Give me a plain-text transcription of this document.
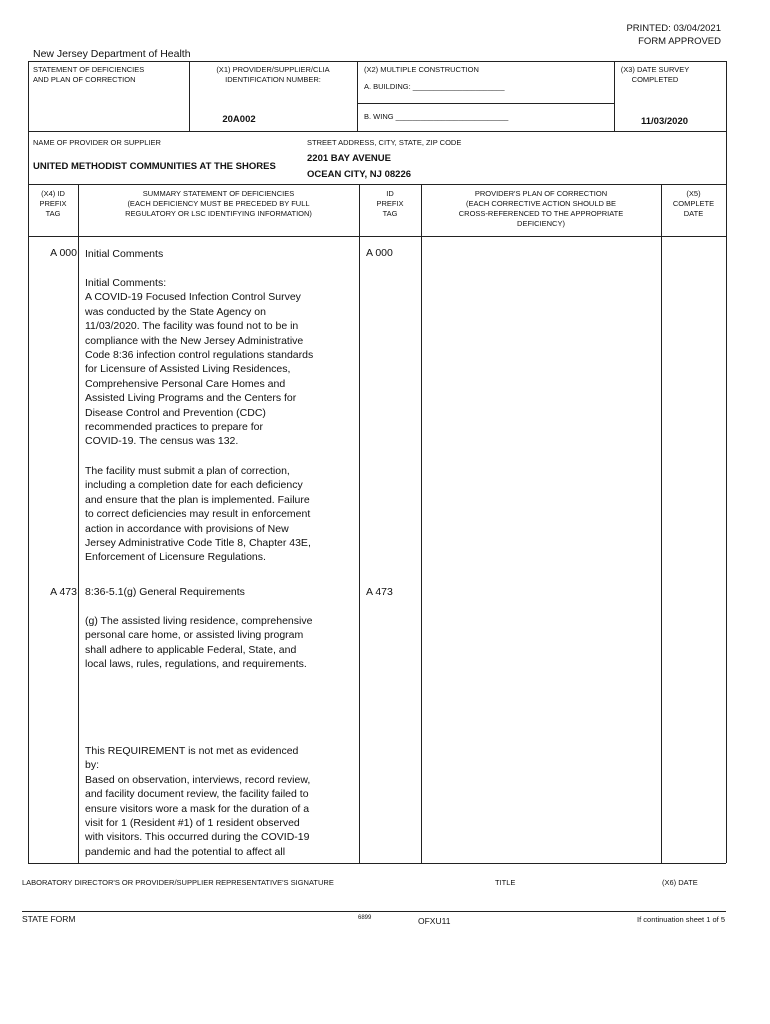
PRINTED: 03/04/2021
FORM APPROVED
New Jersey Department of Health
STATEMENT OF DEFICIENCIES
AND PLAN OF CORRECTION
(X1) PROVIDER/SUPPLIER/CLIA
IDENTIFICATION NUMBER:
20A002
(X2) MULTIPLE CONSTRUCTION
A. BUILDING: ______________________
B. WING ___________________________
(X3) DATE SURVEY
COMPLETED
11/03/2020
NAME OF PROVIDER OR SUPPLIER
UNITED METHODIST COMMUNITIES AT THE SHORES
STREET ADDRESS, CITY, STATE, ZIP CODE
2201 BAY AVENUE
OCEAN CITY, NJ 08226
(X4) ID
PREFIX
TAG
SUMMARY STATEMENT OF DEFICIENCIES
(EACH DEFICIENCY MUST BE PRECEDED BY FULL
REGULATORY OR LSC IDENTIFYING INFORMATION)
ID
PREFIX
TAG
PROVIDER'S PLAN OF CORRECTION
(EACH CORRECTIVE ACTION SHOULD BE
CROSS-REFERENCED TO THE APPROPRIATE
DEFICIENCY)
(X5)
COMPLETE
DATE
A 000	A 000
Initial Comments
Initial Comments:
A COVID-19 Focused Infection Control Survey
was conducted by the State Agency on
11/03/2020. The facility was found not to be in
compliance with the New Jersey Administrative
Code 8:36 infection control regulations standards
for Licensure of Assisted Living Residences,
Comprehensive Personal Care Homes and
Assisted Living Programs and the Centers for
Disease Control and Prevention (CDC)
recommended practices to prepare for
COVID-19. The census was 132.
The facility must submit a plan of correction,
including a completion date for each deficiency
and ensure that the plan is implemented. Failure
to correct deficiencies may result in enforcement
action in accordance with provisions of New
Jersey Administrative Code Title 8, Chapter 43E,
Enforcement of Licensure Regulations.
A 473	A 473
8:36-5.1(g) General Requirements
(g) The assisted living residence, comprehensive
personal care home, or assisted living program
shall adhere to applicable Federal, State, and
local laws, rules, regulations, and requirements.
This REQUIREMENT is not met as evidenced
by:
Based on observation, interviews, record review,
and facility document review, the facility failed to
ensure visitors wore a mask for the duration of a
visit for 1 (Resident #1) of 1 resident observed
with visitors. This occurred during the COVID-19
pandemic and had the potential to affect all
LABORATORY DIRECTOR'S OR PROVIDER/SUPPLIER REPRESENTATIVE'S SIGNATURE	TITLE	(X6) DATE
STATE FORM	6899	OFXU11	If continuation sheet 1 of 5
